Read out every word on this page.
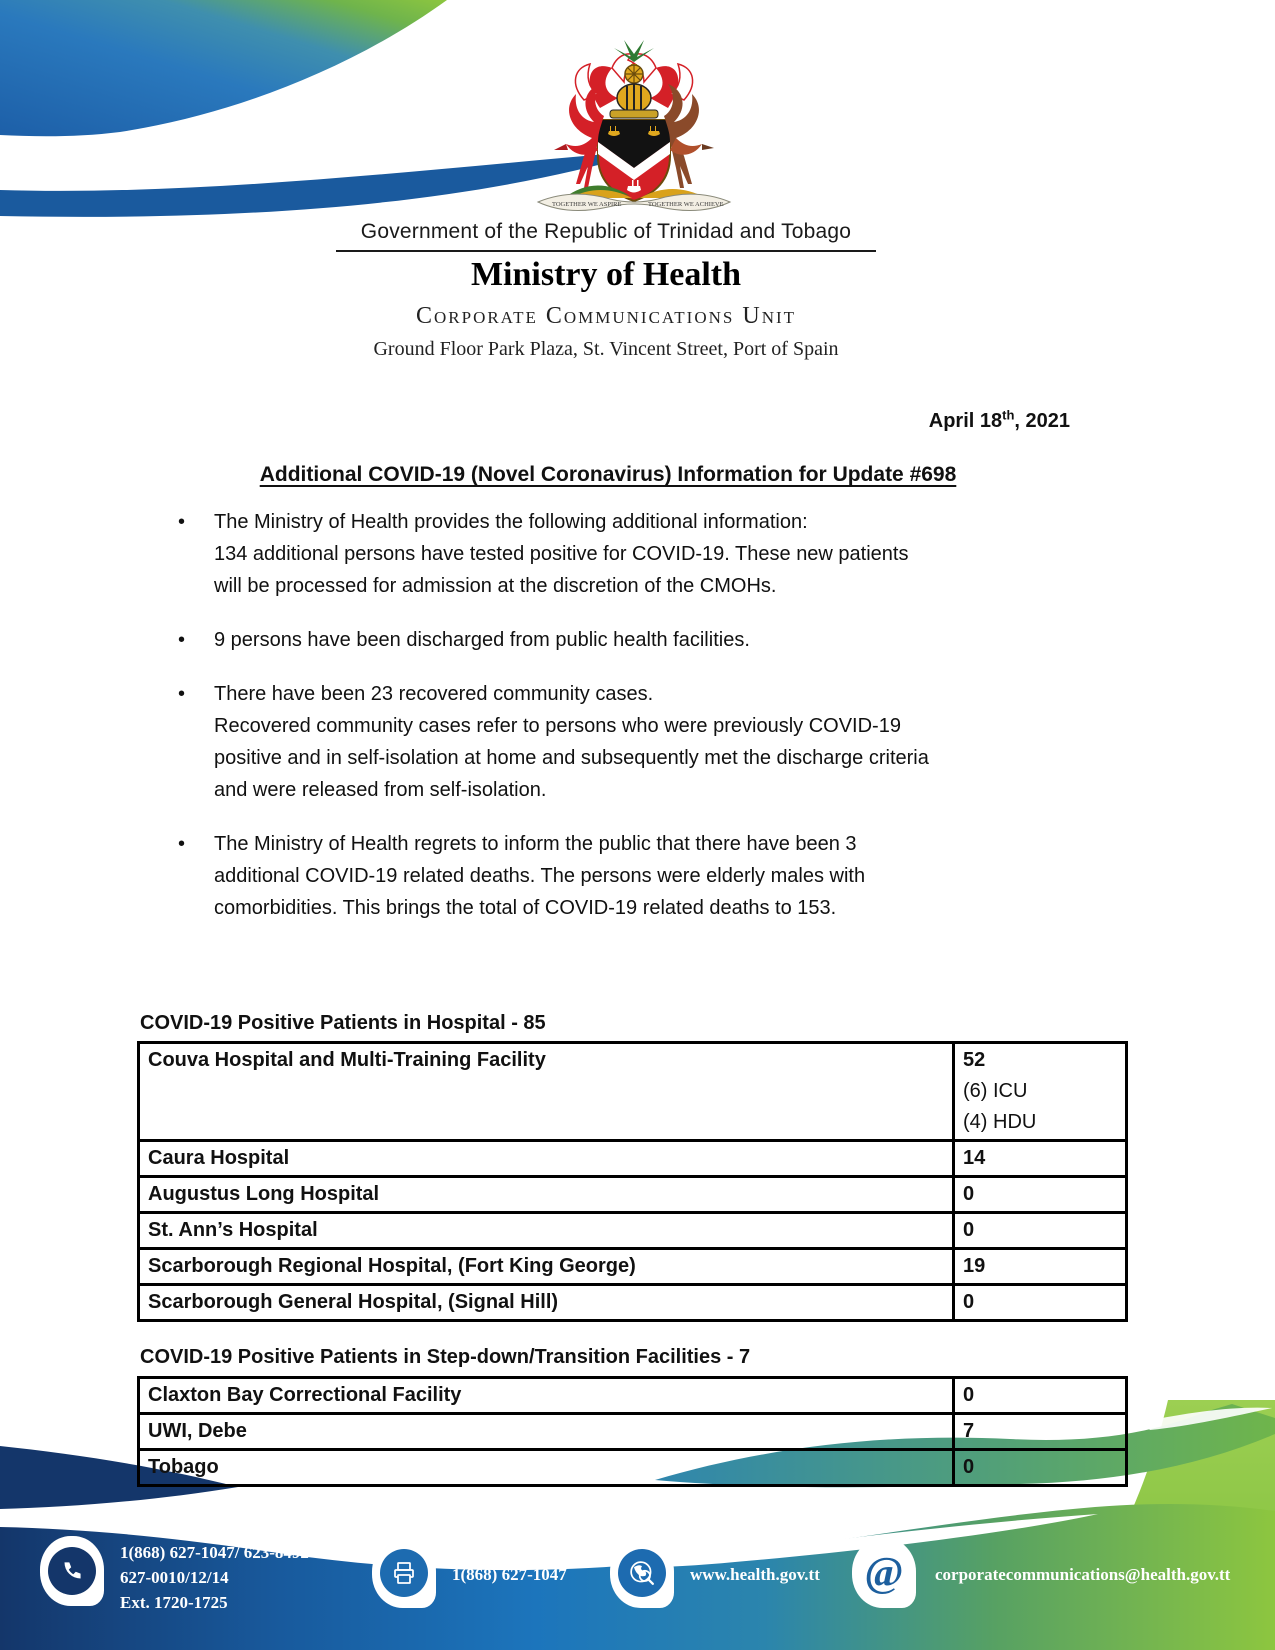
TOGETHER WE ASPIRE	TOGETHER WE ACHIEVE
Government of the Republic of Trinidad and Tobago
Ministry of Health
Corporate Communications Unit
Ground Floor Park Plaza, St. Vincent Street, Port of Spain
April 18th, 2021
Additional COVID-19 (Novel Coronavirus) Information for Update #698
•	The Ministry of Health provides the following additional information:
134 additional persons have tested positive for COVID-19. These new patients
will be processed for admission at the discretion of the CMOHs.
•	9 persons have been discharged from public health facilities.
•	There have been 23 recovered community cases.
Recovered community cases refer to persons who were previously COVID-19
positive and in self-isolation at home and subsequently met the discharge criteria
and were released from self-isolation.
•	The Ministry of Health regrets to inform the public that there have been 3
additional COVID-19 related deaths. The persons were elderly males with
comorbidities. This brings the total of COVID-19 related deaths to 153.
COVID-19 Positive Patients in Hospital - 85
Couva Hospital and Multi-Training Facility	52
(6) ICU
(4) HDU

Caura Hospital	14

Augustus Long Hospital	0

St. Ann’s Hospital	0

Scarborough Regional Hospital, (Fort King George)	19

Scarborough General Hospital, (Signal Hill)	0
COVID-19 Positive Patients in Step-down/Transition Facilities - 7
Claxton Bay Correctional Facility	0

UWI, Debe	7

Tobago	0
1(868) 627-1047/ 623-8492 or
627-0010/12/14
Ext. 1720-1725
1(868) 627-1047	www.health.gov.tt @ corporatecommunications@health.gov.tt
